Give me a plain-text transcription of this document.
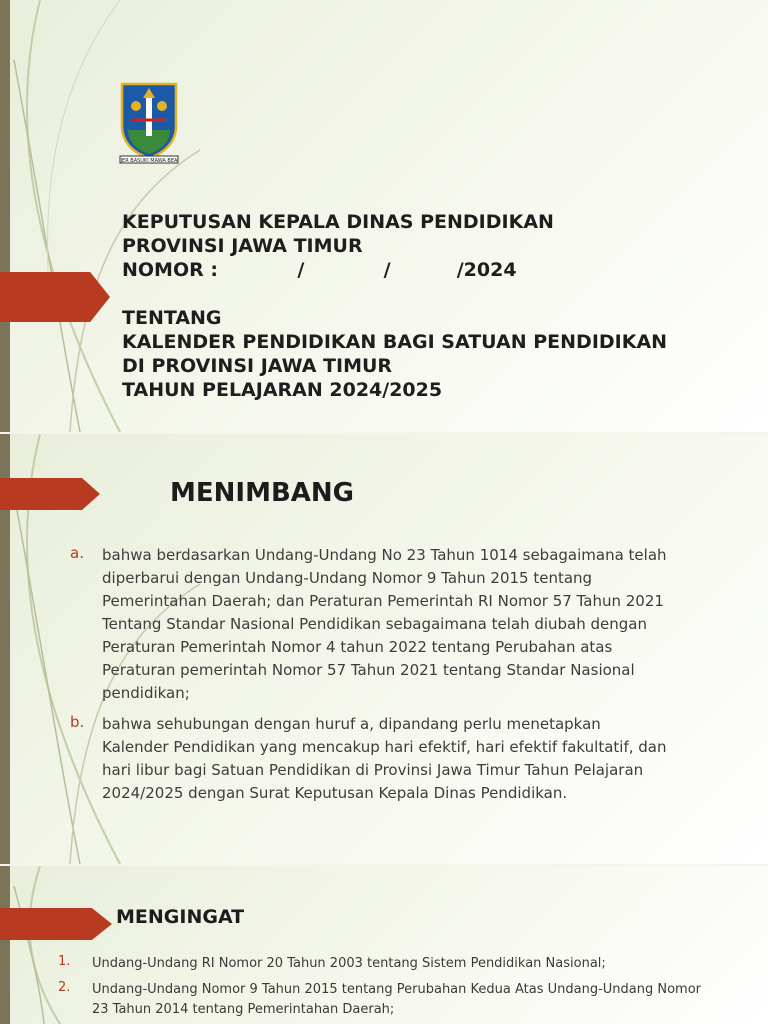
JER BASUKI MAWA BEA
KEPUTUSAN KEPALA DINAS PENDIDIKAN
PROVINSI JAWA TIMUR
NOMOR :            /            /          /2024
TENTANG
KALENDER PENDIDIKAN BAGI SATUAN PENDIDIKAN
DI PROVINSI JAWA TIMUR
TAHUN PELAJARAN 2024/2025
MENIMBANG
a. bahwa berdasarkan Undang-Undang No 23 Tahun 1014 sebagaimana telah diperbarui dengan Undang-Undang Nomor 9 Tahun 2015 tentang Pemerintahan Daerah; dan Peraturan Pemerintah RI Nomor 57 Tahun 2021 Tentang Standar Nasional Pendidikan sebagaimana telah diubah dengan Peraturan Pemerintah Nomor 4 tahun 2022 tentang Perubahan atas Peraturan pemerintah Nomor 57 Tahun 2021 tentang Standar Nasional pendidikan;
b. bahwa sehubungan dengan huruf a, dipandang perlu menetapkan Kalender Pendidikan yang mencakup hari efektif, hari efektif fakultatif, dan hari libur bagi Satuan Pendidikan di Provinsi Jawa Timur Tahun Pelajaran 2024/2025 dengan Surat Keputusan Kepala Dinas Pendidikan.
MENGINGAT
1. Undang-Undang RI Nomor 20 Tahun 2003 tentang Sistem Pendidikan Nasional;
2. Undang-Undang Nomor 9 Tahun 2015 tentang Perubahan Kedua Atas Undang-Undang Nomor 23 Tahun 2014 tentang Pemerintahan Daerah;
